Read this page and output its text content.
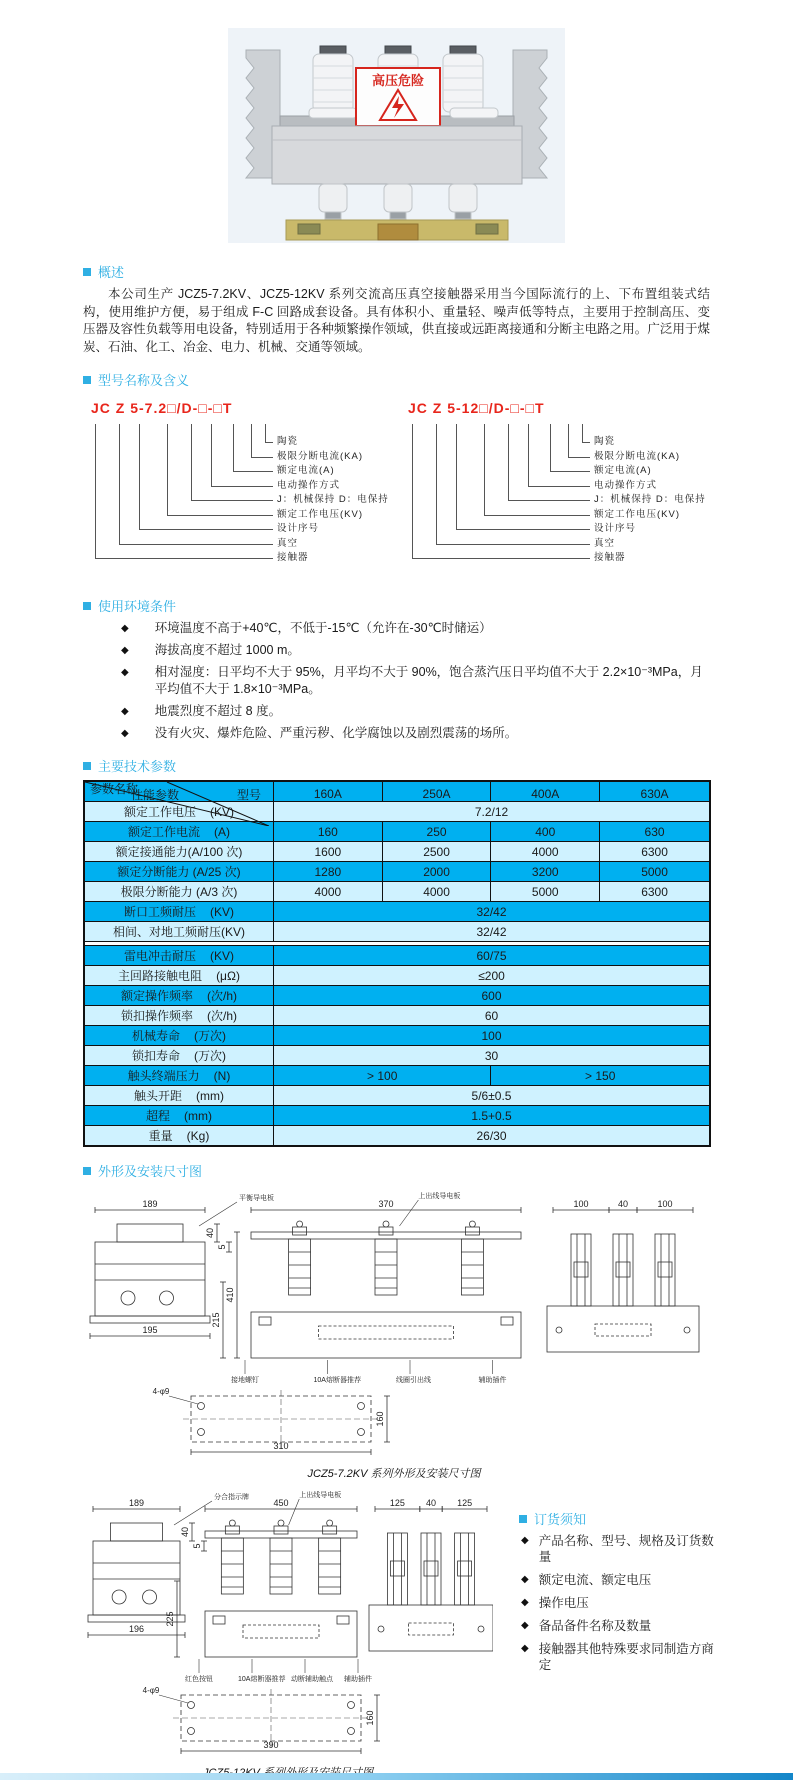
高压危险
概述

本公司生产 JCZ5-7.2KV、JCZ5-12KV 系列交流高压真空接触器采用当今国际流行的上、下布置组装式结构，使用维护方便，易于组成 F-C 回路成套设备。具有体积小、重量轻、噪声低等特点，主要用于控制高压、变压器及容性负载等用电设备，特别适用于各种频繁操作领域，供直接或远距离接通和分断主电路之用。广泛用于煤炭、石油、化工、冶金、电力、机械、交通等领域。

型号名称及含义
JC Z 5-7.2□/D-□-□T
陶瓷
极限分断电流(KA)
额定电流(A)
电动操作方式
J：机械保持 D：电保持
额定工作电压(KV)
设计序号
真空
接触器
JC Z 5-12□/D-□-□T
陶瓷
极限分断电流(KA)
额定电流(A)
电动操作方式
J：机械保持 D：电保持
额定工作电压(KV)
设计序号
真空
接触器
使用环境条件
◆ 环境温度不高于+40℃，不低于-15℃（允许在-30℃时储运）
◆ 海拔高度不超过 1000 m。
◆ 相对湿度：日平均不大于 95%，月平均不大于 90%，饱合蒸汽压日平均值不大于 2.2×10⁻³MPa，月平均值不大于 1.8×10⁻³MPa。
◆ 地震烈度不超过 8 度。
◆ 没有火灾、爆炸危险、严重污秽、化学腐蚀以及剧烈震荡的场所。
主要技术参数
性能参数 型号
参数名称	160A	250A	400A	630A

额定工作电压 (KV)	7.2/12			

额定工作电流 (A)	160	250	400	630

额定接通能力(A/100 次)	1600	2500	4000	6300

额定分断能力 (A/25 次)	1280	2000	3200	5000

极限分断能力 (A/3 次)	4000	4000	5000	6300

断口工频耐压 (KV)	32/42			

相间、对地工频耐压(KV)	32/42			

雷电冲击耐压 (KV)	60/75			

主回路接触电阻 (μΩ)	≤200			

额定操作频率 (次/h)	600			

锁扣操作频率 (次/h)	60			

机械寿命 (万次)	100			

锁扣寿命 (万次)	30			

触头终端压力 (N)	> 100		> 150	

触头开距 (mm)	5/6±0.5			

超程 (mm)	1.5+0.5			

重量 (Kg)	26/30			
外形及安装尺寸图
189
195
40
5
370
410
215
100	40	100
平衡导电板	上出线导电板
接地螺钉	10A熔断器推荐	线圈引出线	辅助插件
310
160
4-φ9
JCZ5-7.2KV 系列外形及安装尺寸图
189
196
40
5
450
225
125 40 125
分合指示牌	上出线导电板
红色按钮	10A熔断器推荐 动断辅助触点 辅助插件
390
160
4-φ9
订货须知
◆ 产品名称、型号、规格及订货数量
◆ 额定电流、额定电压
◆ 操作电压
◆ 备品备件名称及数量
◆ 接触器其他特殊要求同制造方商定
